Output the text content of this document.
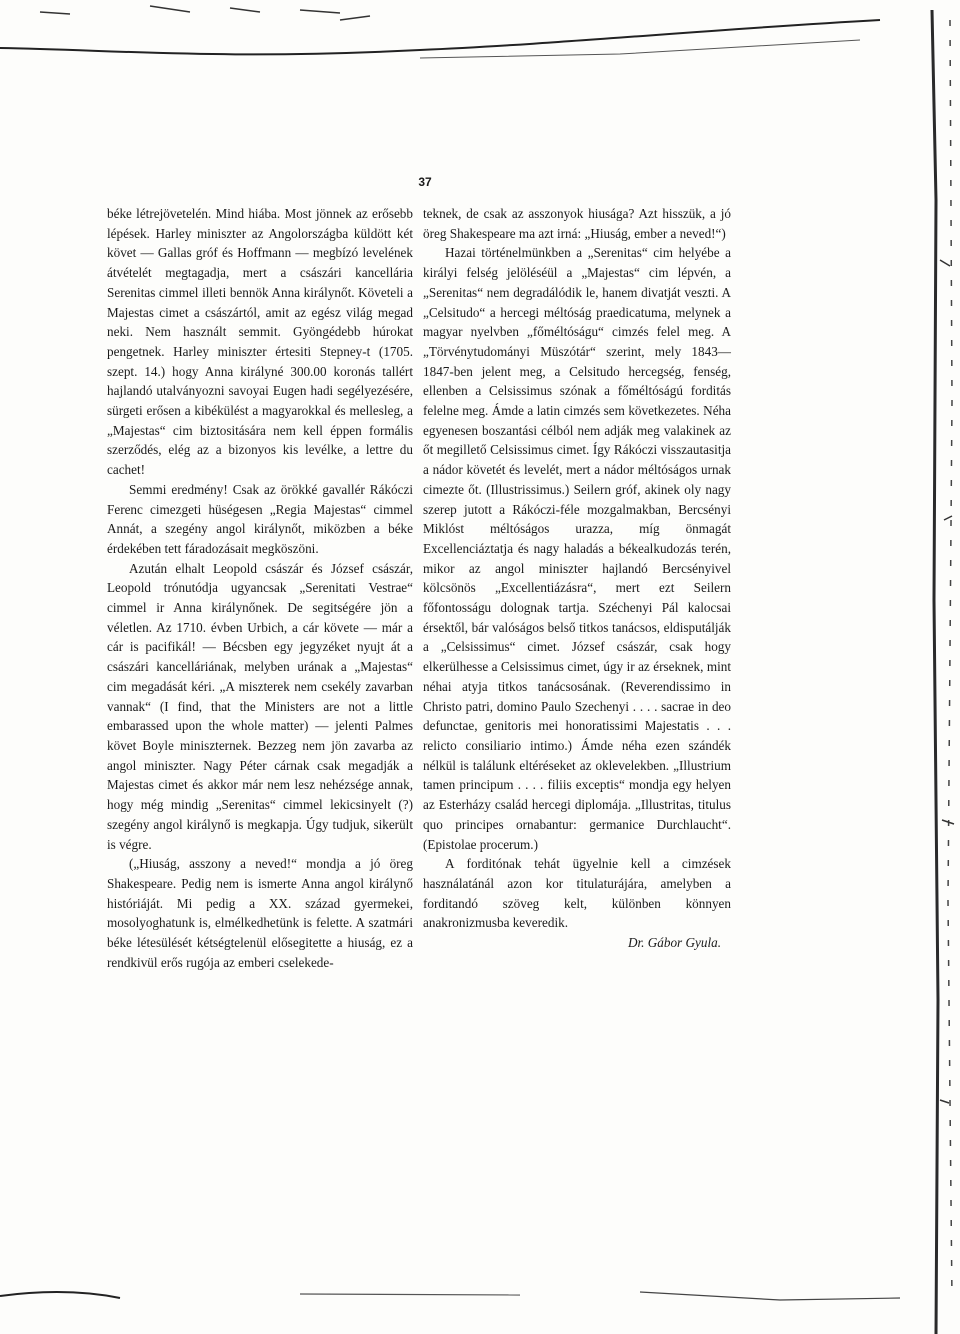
37

béke létrejövetelén. Mind hiába. Most jönnek az erősebb lépések. Harley miniszter az Angolországba küldött két követ — Gallas gróf és Hoffmann — megbízó levelének átvételét megtagadja, mert a császári kancellária Serenitas cimmel illeti bennök Anna királynőt. Követeli a Majestas cimet a császártól, amit az egész világ megad neki. Nem használt semmit. Gyöngédebb húrokat pengetnek. Harley miniszter értesiti Stepney-t (1705. szept. 14.) hogy Anna királyné 300.00 koronás tallért hajlandó utalványozni savoyai Eugen hadi segélyezésére, sürgeti erősen a kibékülést a magyarokkal és mellesleg, a „Majestas“ cim biztositására nem kell éppen formális szerződés, elég az a bizonyos kis levélke, a lettre du cachet!

Semmi eredmény! Csak az örökké gavallér Rákóczi Ferenc cimezgeti hüségesen „Regia Majestas“ cimmel Annát, a szegény angol királynőt, miközben a béke érdekében tett fáradozásait megköszöni.

Azután elhalt Leopold császár és József császár, Leopold trónutódja ugyancsak „Serenitati Vestrae“ cimmel ir Anna királynőnek. De segitségére jön a véletlen. Az 1710. évben Urbich, a cár követe — már a cár is pacifikál! — Bécsben egy jegyzéket nyujt át a császári kancelláriának, melyben urának a „Majestas“ cim megadását kéri. „A miszterek nem csekély zavarban vannak“ (I find, that the Ministers are not a little embarassed upon the whole matter) — jelenti Palmes követ Boyle miniszternek. Bezzeg nem jön zavarba az angol miniszter. Nagy Péter cárnak csak megadják a Majestas cimet és akkor már nem lesz nehézsége annak, hogy még mindig „Serenitas“ cimmel lekicsinyelt (?) szegény angol királynő is megkapja. Úgy tudjuk, sikerült is végre.

(„Hiuság, asszony a neved!“ mondja a jó öreg Shakespeare. Pedig nem is ismerte Anna angol királynő históriáját. Mi pedig a XX. század gyermekei, mosolyoghatunk is, elmélkedhetünk is felette. A szatmári béke létesülését kétségtelenül elősegitette a hiuság, ez a rendkivül erős rugója az emberi cselekede-

teknek, de csak az asszonyok hiusága? Azt hisszük, a jó öreg Shakespeare ma azt irná: „Hiuság, ember a neved!“)

Hazai történelmünkben a „Serenitas“ cim helyébe a királyi felség jelöléséül a „Majestas“ cim lépvén, a „Serenitas“ nem degradálódik le, hanem divatját veszti. A „Celsitudo“ a hercegi méltóság praedicatuma, melynek a magyar nyelvben „főméltóságu“ cimzés felel meg. A „Törvénytudományi Müszótár“ szerint, mely 1843—1847-ben jelent meg, a Celsitudo hercegség, fenség, ellenben a Celsissimus szónak a főméltóságú forditás felelne meg. Ámde a latin cimzés sem következetes. Néha egyenesen boszantási célból nem adják meg valakinek az őt megillető Celsissimus cimet. Így Rákóczi visszautasitja a nádor követét és levelét, mert a nádor méltóságos urnak cimezte őt. (Illustrissimus.) Seilern gróf, akinek oly nagy szerep jutott a Rákóczi-féle mozgalmakban, Bercsényi Miklóst méltóságos urazza, míg önmagát Excellenciáztatja és nagy haladás a békealkudozás terén, mikor az angol miniszter hajlandó Bercsényivel kölcsönös „Excellentiázásra“, mert ezt Seilern főfontosságu dolognak tartja. Széchenyi Pál kalocsai érsektől, bár valóságos belső titkos tanácsos, eldisputálják a „Celsissimus“ cimet. József császár, csak hogy elkerülhesse a Celsissimus cimet, úgy ir az érseknek, mint néhai atyja titkos tanácsosának. (Reverendissimo in Christo patri, domino Paulo Szechenyi . . . . sacrae in deo defunctae, genitoris mei honoratissimi Majestatis . . . relicto consiliario intimo.) Ámde néha ezen szándék nélkül is találunk eltéréseket az oklevelekben. „Illustrium tamen principum . . . . filiis exceptis“ mondja egy helyen az Esterházy család hercegi diplomája. „Illustritas, titulus quo principes ornabantur: germanice Durchlaucht“. (Epistolae procerum.)

A forditónak tehát ügyelnie kell a cimzések használatánál azon kor titulaturájára, amelyben a forditandó szöveg kelt, különben könnyen anakronizmusba keveredik.

Dr. Gábor Gyula.
